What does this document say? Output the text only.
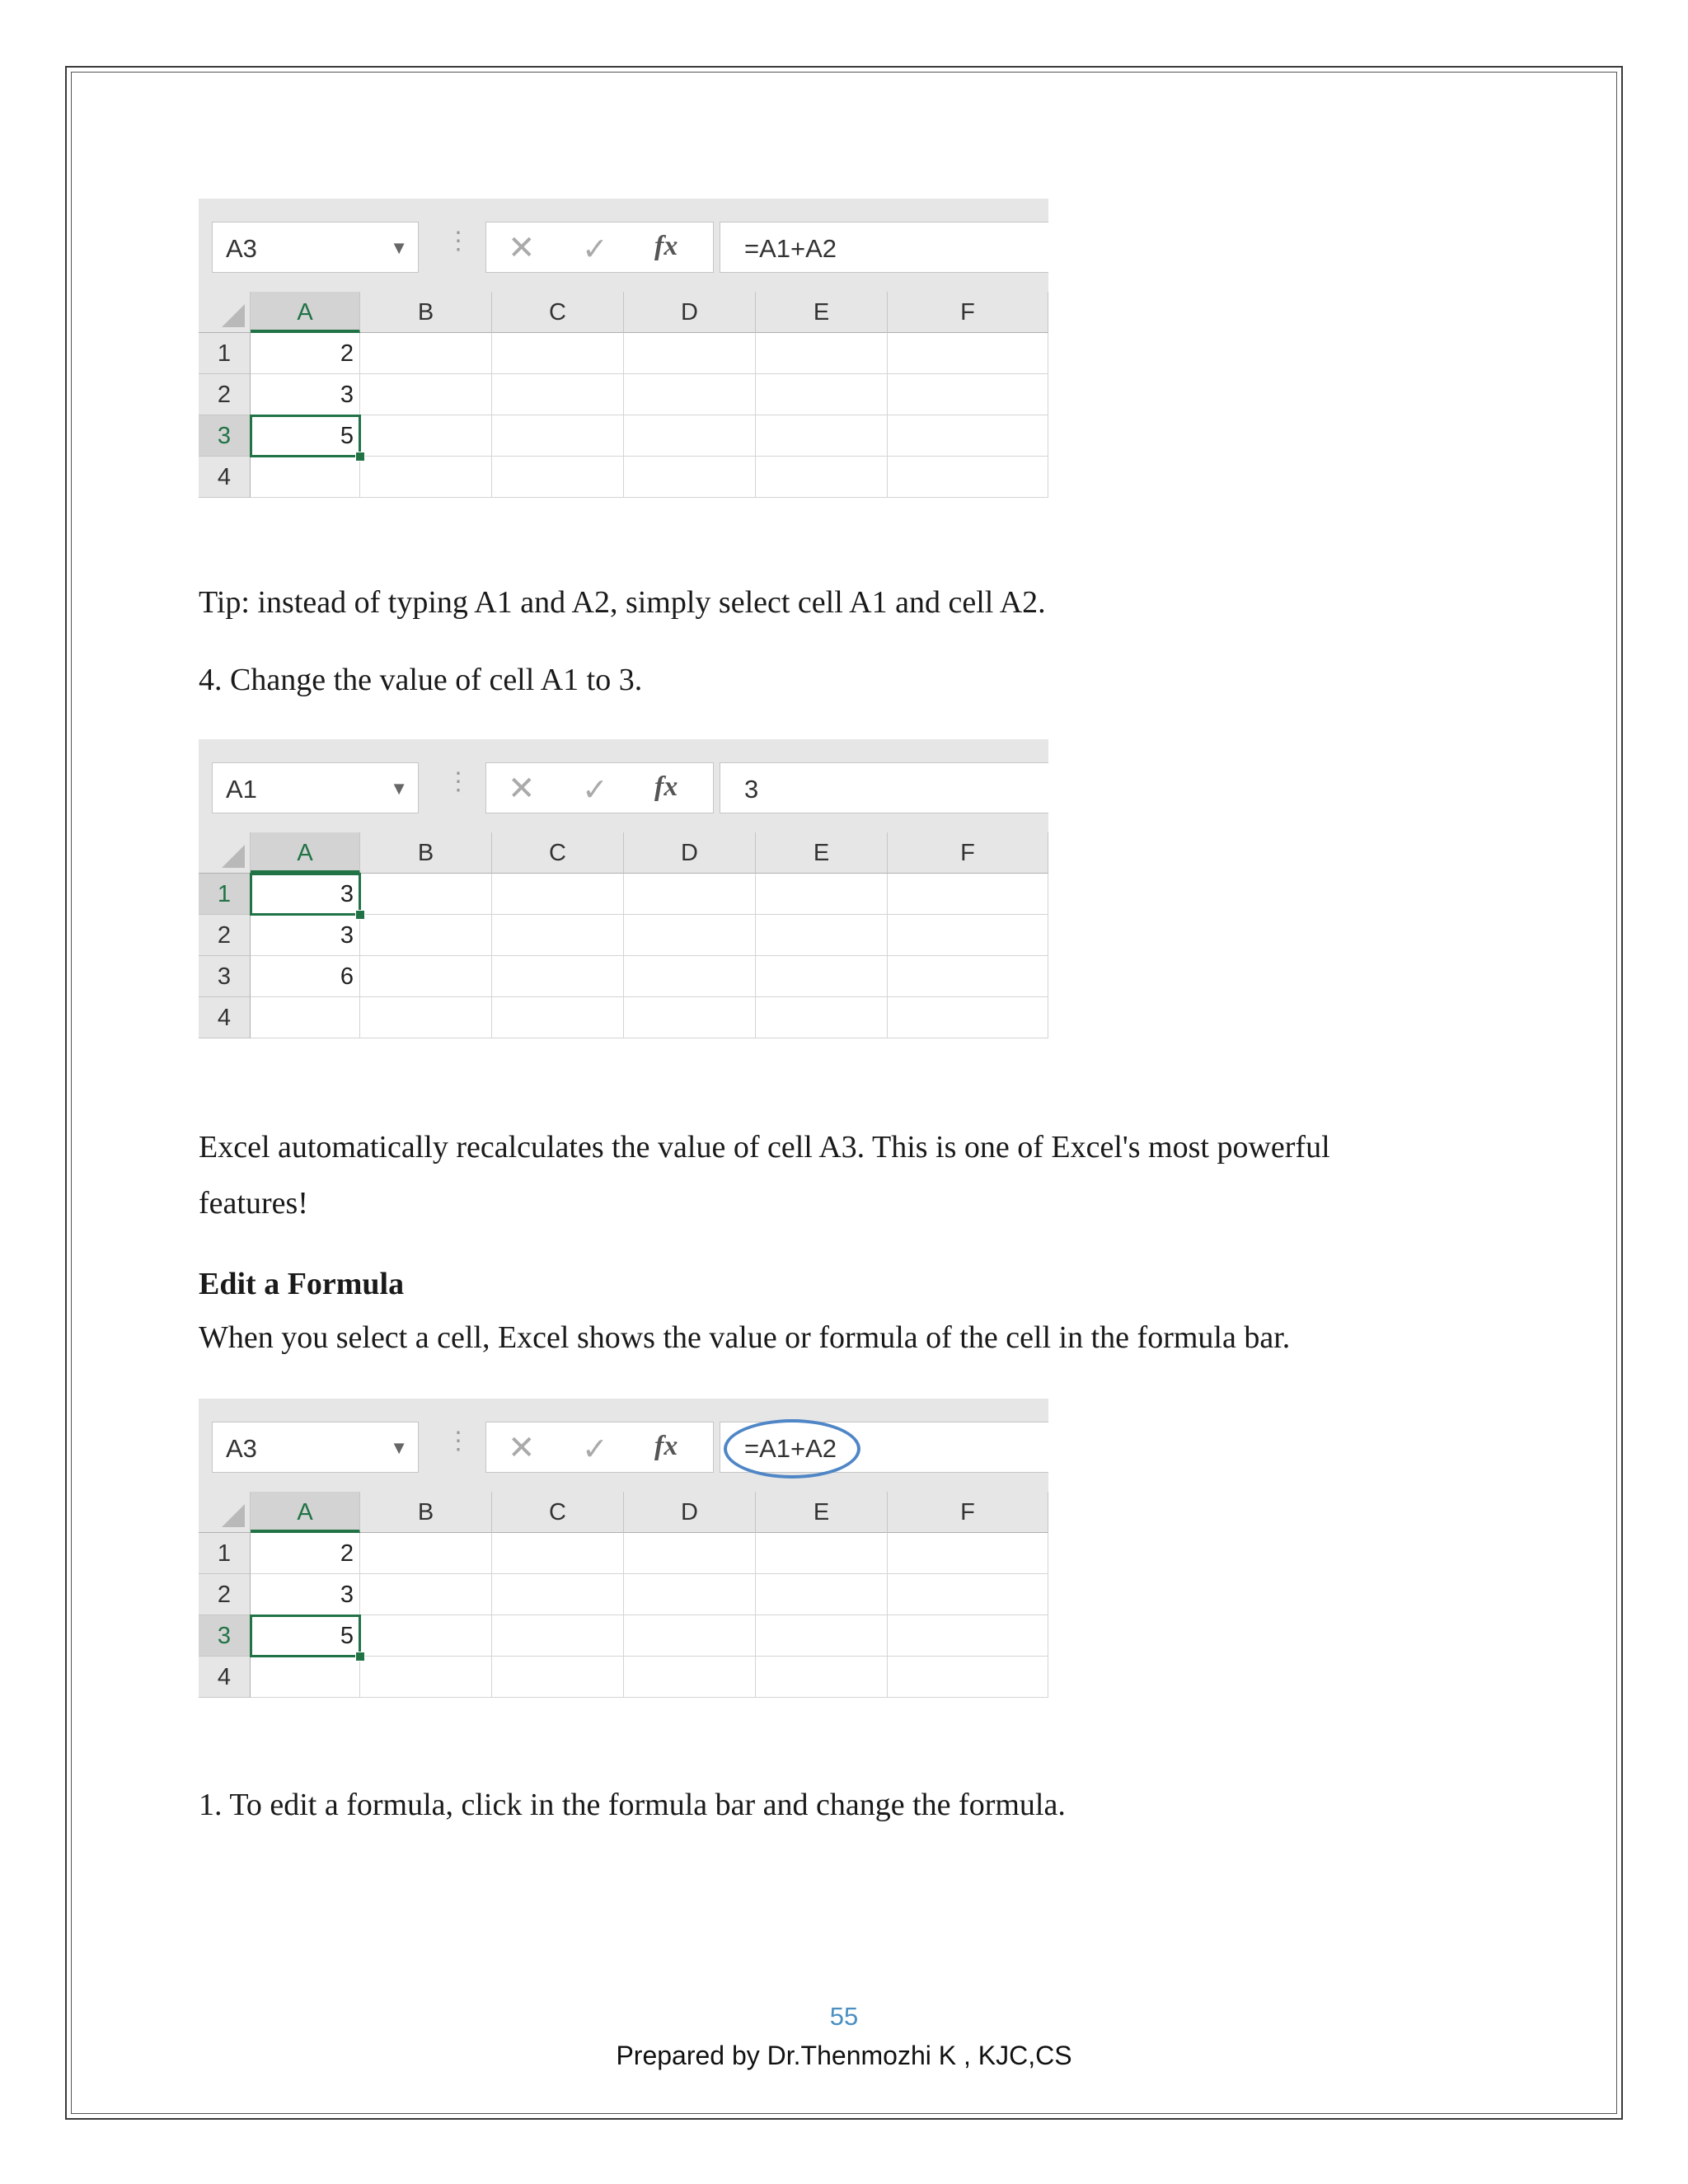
A3	▼ ⋮ ✕ ✓ fx	=A1+A2
A	B	C	D	E	F
1	2
2	3
3	5
4

Tip: instead of typing A1 and A2, simply select cell A1 and cell A2.

4. Change the value of cell A1 to 3.

A1	▼ ⋮ ✕ ✓ fx	3
A	B	C	D	E	F
1	3
2	3
3	6
4

Excel automatically recalculates the value of cell A3. This is one of Excel's most powerful

features!

Edit a Formula

When you select a cell, Excel shows the value or formula of the cell in the formula bar.

A3	▼ ⋮ ✕ ✓ fx	=A1+A2
A	B	C	D	E	F
1	2
2	3
3	5
4

1. To edit a formula, click in the formula bar and change the formula.

55
Prepared by Dr.Thenmozhi K , KJC,CS
